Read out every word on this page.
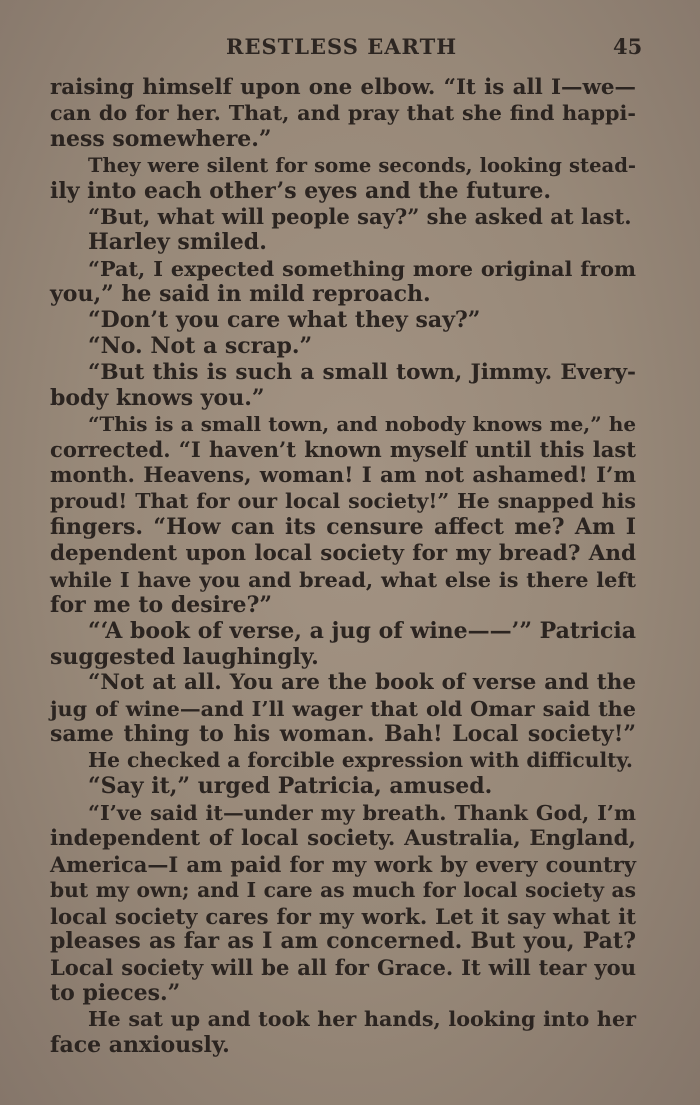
RESTLESS EARTH	45
raising himself upon one elbow. “It is all I—we—
can do for her. That, and pray that she find happi-
ness somewhere.”
They were silent for some seconds, looking stead-
ily into each other’s eyes and the future.
“But, what will people say?” she asked at last.
Harley smiled.
“Pat, I expected something more original from
you,” he said in mild reproach.
“Don’t you care what they say?”
“No. Not a scrap.”
“But this is such a small town, Jimmy. Every-
body knows you.”
“This is a small town, and nobody knows me,” he
corrected. “I haven’t known myself until this last
month. Heavens, woman! I am not ashamed! I’m
proud! That for our local society!” He snapped his
fingers. “How can its censure affect me? Am I
dependent upon local society for my bread? And
while I have you and bread, what else is there left
for me to desire?”
“‘A book of verse, a jug of wine——’” Patricia
suggested laughingly.
“Not at all. You are the book of verse and the
jug of wine—and I’ll wager that old Omar said the
same thing to his woman. Bah! Local society!”
He checked a forcible expression with difficulty.
“Say it,” urged Patricia, amused.
“I’ve said it—under my breath. Thank God, I’m
independent of local society. Australia, England,
America—I am paid for my work by every country
but my own; and I care as much for local society as
local society cares for my work. Let it say what it
pleases as far as I am concerned. But you, Pat?
Local society will be all for Grace. It will tear you
to pieces.”
He sat up and took her hands, looking into her
face anxiously.
